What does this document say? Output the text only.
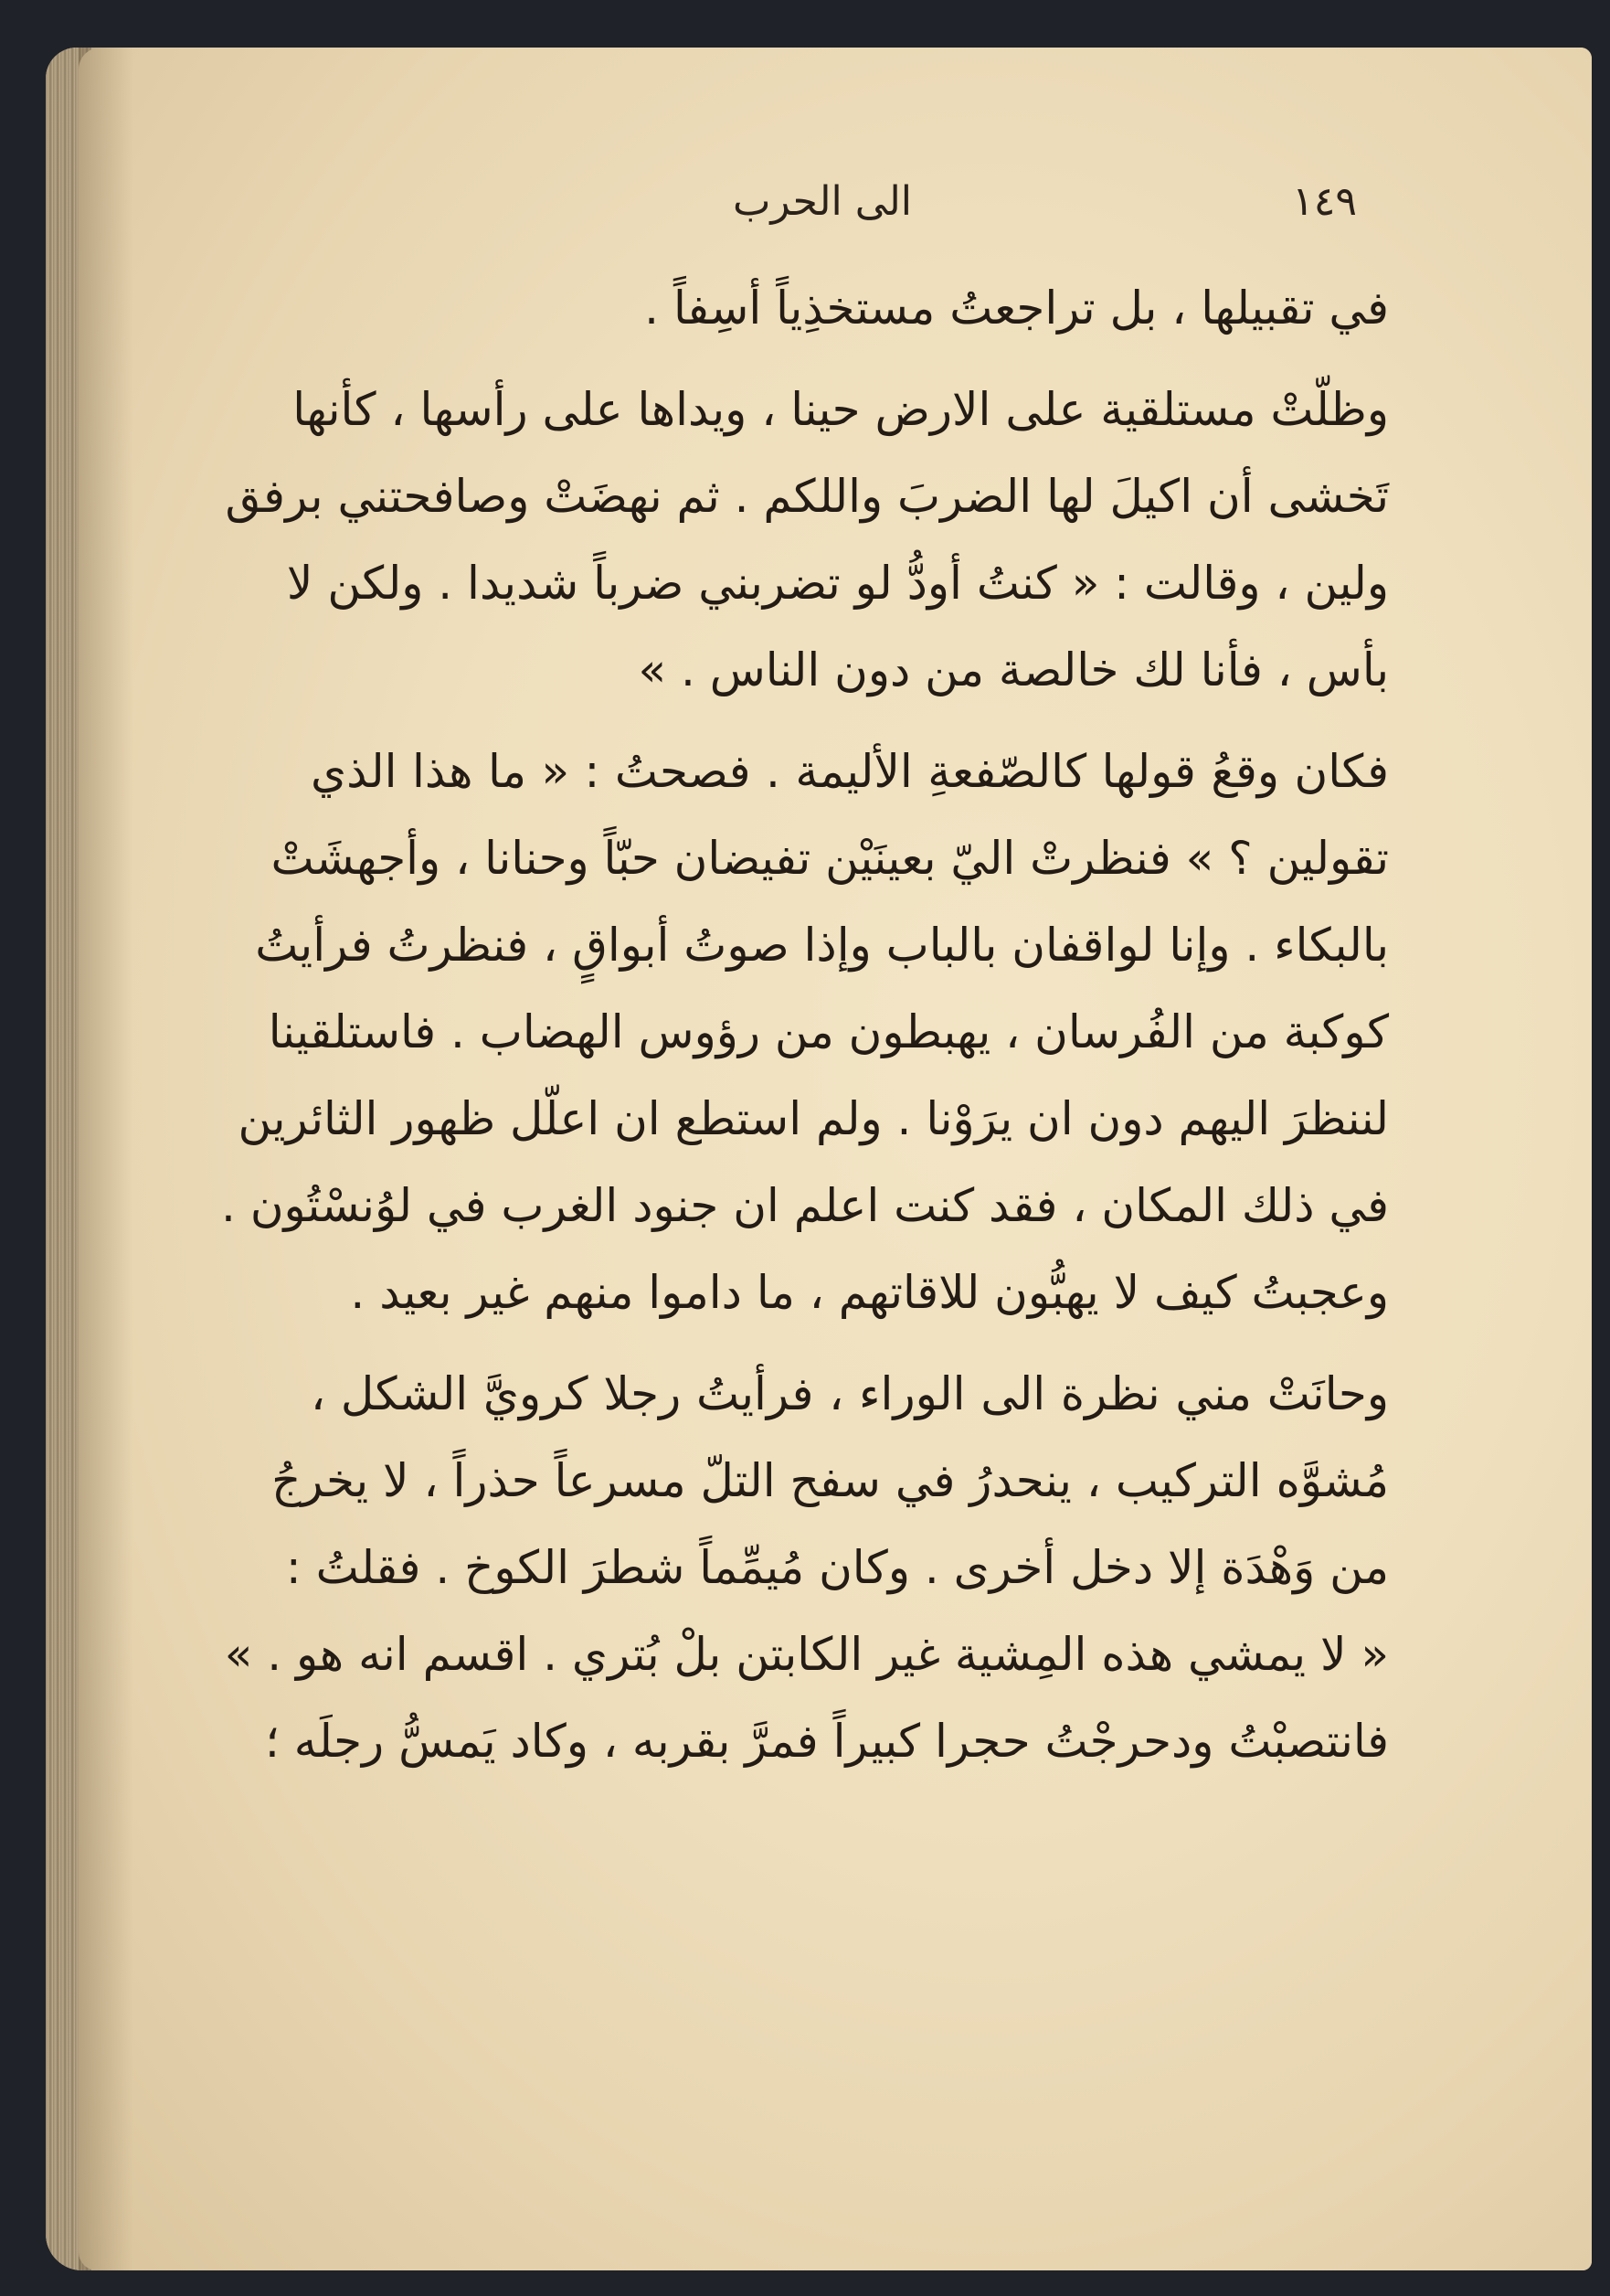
١٤٩
الى الحرب
في تقبيلها ، بل تراجعتُ مستخذِياً أسِفاً .
وظلّتْ مستلقية على الارض حينا ، ويداها على رأسها ، كأنها
تَخشى أن اكيلَ لها الضربَ واللكم . ثم نهضَتْ وصافحتني برفق
ولين ، وقالت : « كنتُ أودُّ لو تضربني ضرباً شديدا . ولكن لا
بأس ، فأنا لك خالصة من دون الناس . »
فكان وقعُ قولها كالصّفعةِ الأليمة . فصحتُ : « ما هذا الذي
تقولين ؟ » فنظرتْ اليّ بعينَيْن تفيضان حبّاً وحنانا ، وأجهشَتْ
بالبكاء . وإنا لواقفان بالباب وإذا صوتُ أبواقٍ ، فنظرتُ فرأيتُ
كوكبة من الفُرسان ، يهبطون من رؤوس الهضاب . فاستلقينا
لننظرَ اليهم دون ان يرَوْنا . ولم استطع ان اعلّل ظهور الثائرين
في ذلك المكان ، فقد كنت اعلم ان جنود الغرب في لوُنسْتُون .
وعجبتُ كيف لا يهبُّون للاقاتهم ، ما داموا منهم غير بعيد .
وحانَتْ مني نظرة الى الوراء ، فرأيتُ رجلا كرويَّ الشكل ،
مُشوَّه التركيب ، ينحدرُ في سفح التلّ مسرعاً حذراً ، لا يخرجُ
من وَهْدَة إلا دخل أخرى . وكان مُيمِّماً شطرَ الكوخ . فقلتُ :
« لا يمشي هذه المِشية غير الكابتن بلْ بُتري . اقسم انه هو . »
فانتصبْتُ ودحرجْتُ حجرا كبيراً فمرَّ بقربه ، وكاد يَمسُّ رجلَه ؛
